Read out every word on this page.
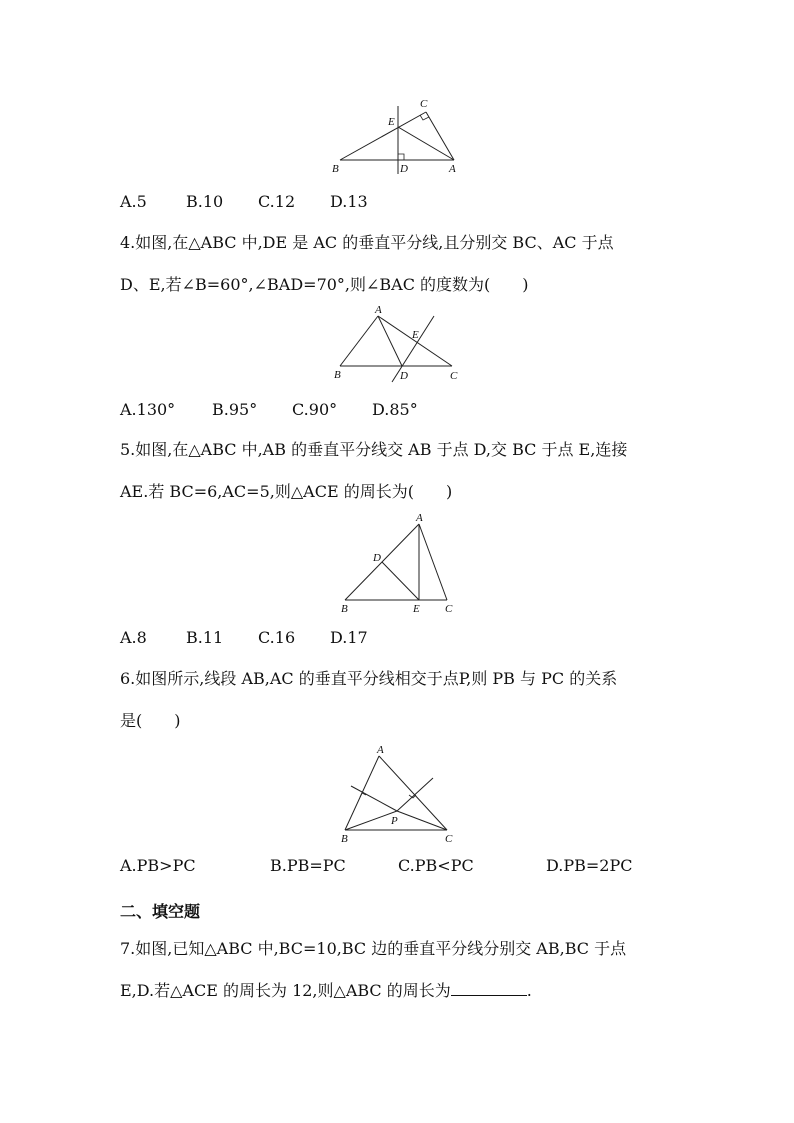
B	D	A
E
C
A.5 B.10 C.12 D.13

4.如图,在△ABC 中,DE 是 AC 的垂直平分线,且分别交 BC、AC 于点
D、E,若∠B=60°,∠BAD=70°,则∠BAC 的度数为(　　)

B	D	C
A
E
A.130° B.95° C.90° D.85°

5.如图,在△ABC 中,AB 的垂直平分线交 AB 于点 D,交 BC 于点 E,连接
AE.若 BC=6,AC=5,则△ACE 的周长为(　　)

B	E C
A
D
A.8 B.11 C.16 D.17

6.如图所示,线段 AB,AC 的垂直平分线相交于点P,则 PB 与 PC 的关系
是(　　)

B	C
A
P
A.PB>PC	B.PB=PC	C.PB<PC	D.PB=2PC

二、填空题

7.如图,已知△ABC 中,BC=10,BC 边的垂直平分线分别交 AB,BC 于点
E,D.若△ACE 的周长为 12,则△ABC 的周长为	.
